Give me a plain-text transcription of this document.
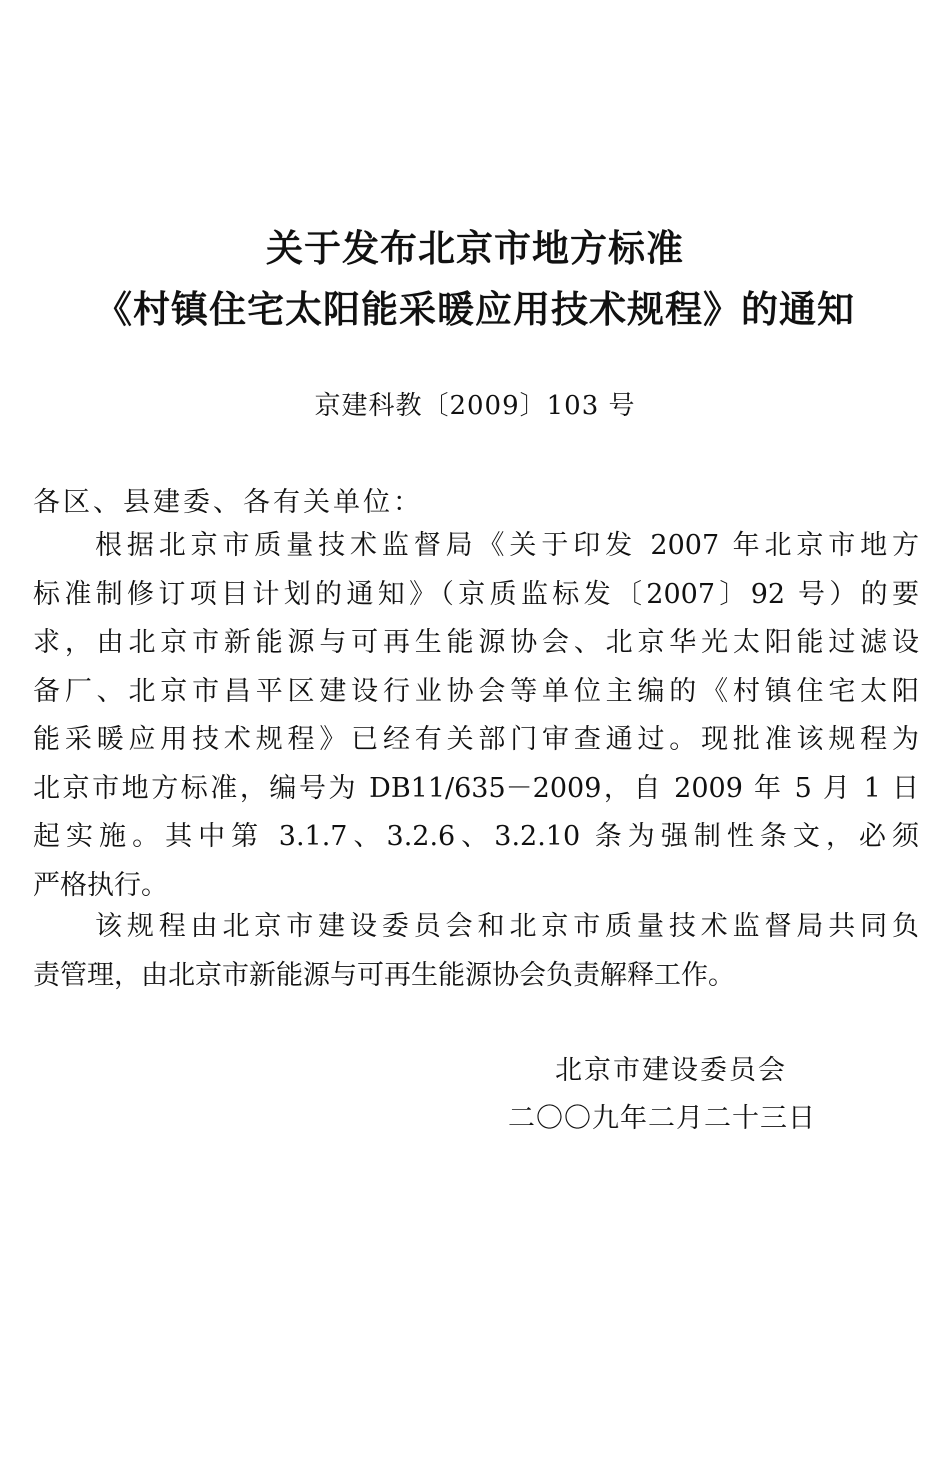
关于发布北京市地方标准
《村镇住宅太阳能采暖应用技术规程》的通知
京建科教〔2009〕103 号
各区、县建委、各有关单位：
根据北京市质量技术监督局《关于印发 2007 年北京市地方
标准制修订项目计划的通知》（京质监标发〔2007〕92 号）的要
求，由北京市新能源与可再生能源协会、北京华光太阳能过滤设
备厂、北京市昌平区建设行业协会等单位主编的《村镇住宅太阳
能采暖应用技术规程》已经有关部门审查通过。现批准该规程为
北京市地方标准，编号为 DB11/635－2009，自 2009 年 5 月 1 日
起实施。其中第 3.1.7、3.2.6、3.2.10 条为强制性条文，必须
严格执行。
该规程由北京市建设委员会和北京市质量技术监督局共同负
责管理，由北京市新能源与可再生能源协会负责解释工作。
北京市建设委员会
二〇〇九年二月二十三日
